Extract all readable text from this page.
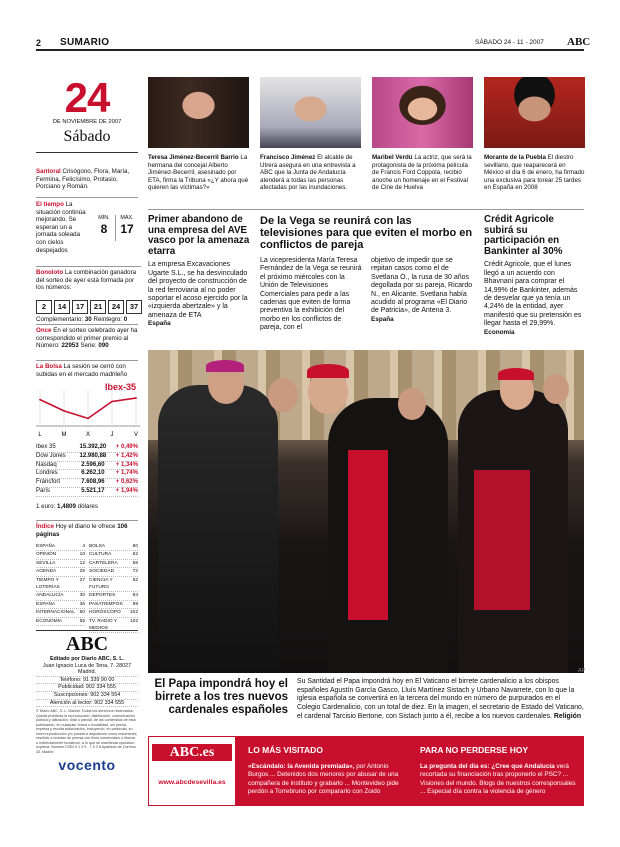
2 SUMARIO	SÁBADO 24 - 11 - 2007 ABC
24
DE NOVIEMBRE DE 2007
Sábado
Santoral Crisógono, Flora, María, Fermina, Felicísimo, Protasio, Porciano y Román.
El tiempo La situación continúa mejorando. Se esperan un a jornada soleada con cielos despejados
MÍN.
8
MÁX.
17
Bonoloto La combinación ganadora del sorteo de ayer está formada por los números:
2 14 17 21 24 37
Complementario: 30 Reintegro: 0
Once En el sorteo celebrado ayer ha correspondido el primer premio al Número: 22953 Serie: 090
La Bolsa La sesión se cerró con subidas en el mercado madrileño
Ibex-35
L	M	X	J	V
Ibex 35	15.392,20 + 0,49%
Dow Jones	12.980,88 + 1,42%
Nasdaq	2.596,60 + 1,34%
Londres	6.262,10 + 1,74%
Fráncfort	7.608,96 + 0,62%
París	5.521,17 + 1,94%
1 euro: 1,4809 dólares
Índice Hoy el diario le ofrece 106 páginas
ESPAÑA	4
OPINIÓN	10
SEVILLA	12
AGENDA	26
TIEMPO Y LOTERÍAS
27
ANDALUCÍA	30
ESPAÑA	36
INTERNACIONAL 50
ECONOMÍA	55
BOLSA	60
CULTURA	62
CARTELERA	68
SOCIEDAD	72
CIENCIA Y FUTURO
82
DEPORTES	84
PASATIEMPOS 99
HORÓSCOPO 102
TV. RADIO Y MEDIOS
102
ABC
Editado por Diario ABC, S. L.
Juan Ignacio Luca de Tena, 7. 28027 Madrid.
Teléfono: 91 339 90 00
Publicidad: 902 334 555
Suscripciones: 902 334 554
Atención al lector: 902 334 555
© Diario ABC, S. L. Madrid. Todos los derechos reservados. Queda prohibida la reproducción, distribución, comunicación pública y utilización, total o parcial, de los contenidos de esta publicación, en cualquier forma o modalidad, sin previa, expresa y escrita autorización, incluyendo, en particular, su mera reproducción y/o puesta a disposición como resúmenes, reseñas o revistas de prensa con fines comerciales o directa o indirectamente lucrativos, a lo que se manifiesta oposición expresa. Número ISSN 0 1 3 9 - 7 5 3 8 Apartado de Correos 43, Madrid
vocento
Teresa Jiménez-Becerril Barrio La hermana del concejal Alberto Jiménez-Becerril, asesinado por ETA, firma la Tribuna «¿Y ahora qué quieren las víctimas?»
Francisco Jiménez El alcalde de Utrera asegura en una entrevista a ABC que la Junta de Andalucía atenderá a todas las personas afectadas por las inundaciones.
Maribel Verdú La actriz, que será la protagonista de la próxima película de Francis Ford Coppola, recibió anoche un homenaje en el Festival de Cine de Huelva
Morante de la Puebla El diestro sevillano, que reaparecerá en México el día 6 de enero, ha firmado una exclusiva para torear 25 tardes en España en 2008
Primer abandono de una empresa del AVE vasco por la amenaza etarra
La empresa Excavaciones Ugarte S.L., se ha desvinculado del proyecto de construcción de la red ferroviaria al no poder soportar el acoso ejercido por la «izquierda abertzale» y la amenaza de ETA
España
De la Vega se reunirá con las televisiones para que eviten el morbo en conflictos de pareja
La vicepresidenta María Teresa Fernández de la Vega se reunirá el próximo miércoles con la Unión de Televisiones Comerciales para pedir a las cadenas que eviten de forma preventiva la exhibición del morbo en los conflictos de pareja, con el
objetivo de impedir que se repitan casos como el de Svetlana O., la rusa de 30 años degollada por su pareja, Ricardo N., en Alicante. Svetlana había acudido al programa «El Diario de Patricia», de Antena 3.
España
Crédit Agricole subirá su participación en Bankinter al 30%
Crédit Agricole, que el lunes llegó a un acuerdo con Bhavnani para comprar el 14,99% de Bankinter, además de desvelar que ya tenía un 4,24% de la entidad, ayer manifestó que su pretensión es llegar hasta el 29,99%.
Economía
AP
El Papa impondrá hoy el birrete a los tres nuevos cardenales españoles
Su Santidad el Papa impondrá hoy en El Vaticano el birrete cardenalicio a los obispos españoles Agustín García Gasco, Lluís Martínez Sistach y Urbano Navarrete, con lo que la iglesia española se convertirá en la tercera del mundo en número de purpurados en el Colegio Cardenalicio, con un total de diez. En la imagen, el secretario de Estado del Vaticano, el cardenal Tarcisio Bertone, con Sistach junto a él, recibe a los nuevos cardenales. Religión
ABC.es
www.abcdesevilla.es
LO MÁS VISITADO
«Escándalo: la Avenida premiada», por Antonio Burgos ... Detenidos dos menores por abusar de una compañera de instituto y grabarlo ... Montevideo pide perdón a Torrebruno por compararlo con Zoido
PARA NO PERDERSE HOY
La pregunta del día es: ¿Cree que Andalucía verá recortada su financiación tras proponerlo el PSC? ... Visiones del mundo. Blogs de nuestros corresponsales ... Especial día contra la violencia de género
